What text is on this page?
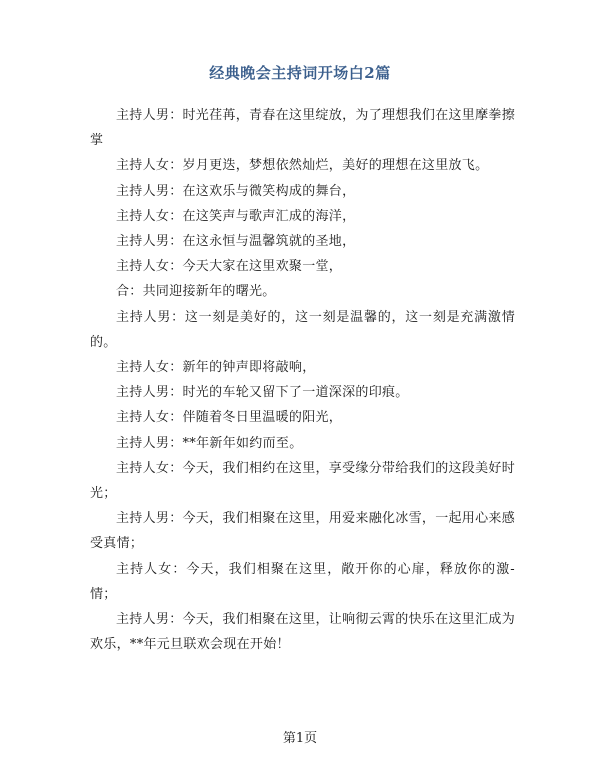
经典晚会主持词开场白2篇

主持人男：时光荏苒，青春在这里绽放，为了理想我们在这里摩拳擦掌

主持人女：岁月更迭，梦想依然灿烂，美好的理想在这里放飞。

主持人男：在这欢乐与微笑构成的舞台，

主持人女：在这笑声与歌声汇成的海洋，

主持人男：在这永恒与温馨筑就的圣地，

主持人女：今天大家在这里欢聚一堂，

合：共同迎接新年的曙光。

主持人男：这一刻是美好的，这一刻是温馨的，这一刻是充满激情的。

主持人女：新年的钟声即将敲响，

主持人男：时光的车轮又留下了一道深深的印痕。

主持人女：伴随着冬日里温暖的阳光，

主持人男：**年新年如约而至。

主持人女：今天，我们相约在这里，享受缘分带给我们的这段美好时光；

主持人男：今天，我们相聚在这里，用爱来融化冰雪，一起用心来感受真情；

主持人女：今天，我们相聚在这里，敞开你的心扉，释放你的激-情；

主持人男：今天，我们相聚在这里，让响彻云霄的快乐在这里汇成为欢乐，**年元旦联欢会现在开始！

第1页
